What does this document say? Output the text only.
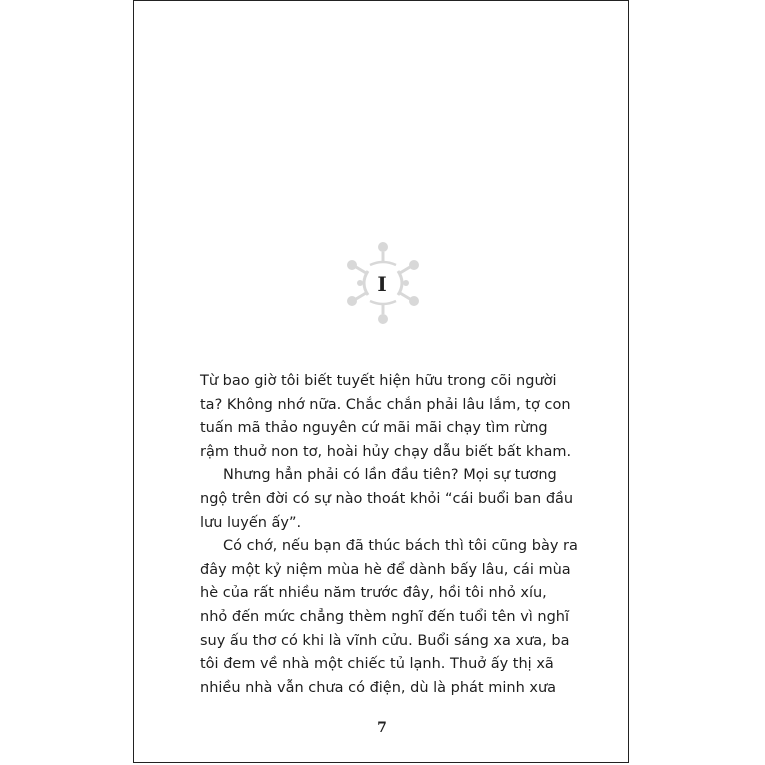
I
Từ bao giờ tôi biết tuyết hiện hữu trong cõi người
ta? Không nhớ nữa. Chắc chắn phải lâu lắm, tợ con
tuấn mã thảo nguyên cứ mãi mãi chạy tìm rừng
rậm thuở non tơ, hoài hủy chạy dẫu biết bất kham.
Nhưng hẳn phải có lần đầu tiên? Mọi sự tương
ngộ trên đời có sự nào thoát khỏi “cái buổi ban đầu
lưu luyến ấy”.
Có chớ, nếu bạn đã thúc bách thì tôi cũng bày ra
đây một kỷ niệm mùa hè để dành bấy lâu, cái mùa
hè của rất nhiều năm trước đây, hồi tôi nhỏ xíu,
nhỏ đến mức chẳng thèm nghĩ đến tuổi tên vì nghĩ
suy ấu thơ có khi là vĩnh cửu. Buổi sáng xa xưa, ba
tôi đem về nhà một chiếc tủ lạnh. Thuở ấy thị xã
nhiều nhà vẫn chưa có điện, dù là phát minh xưa
7
